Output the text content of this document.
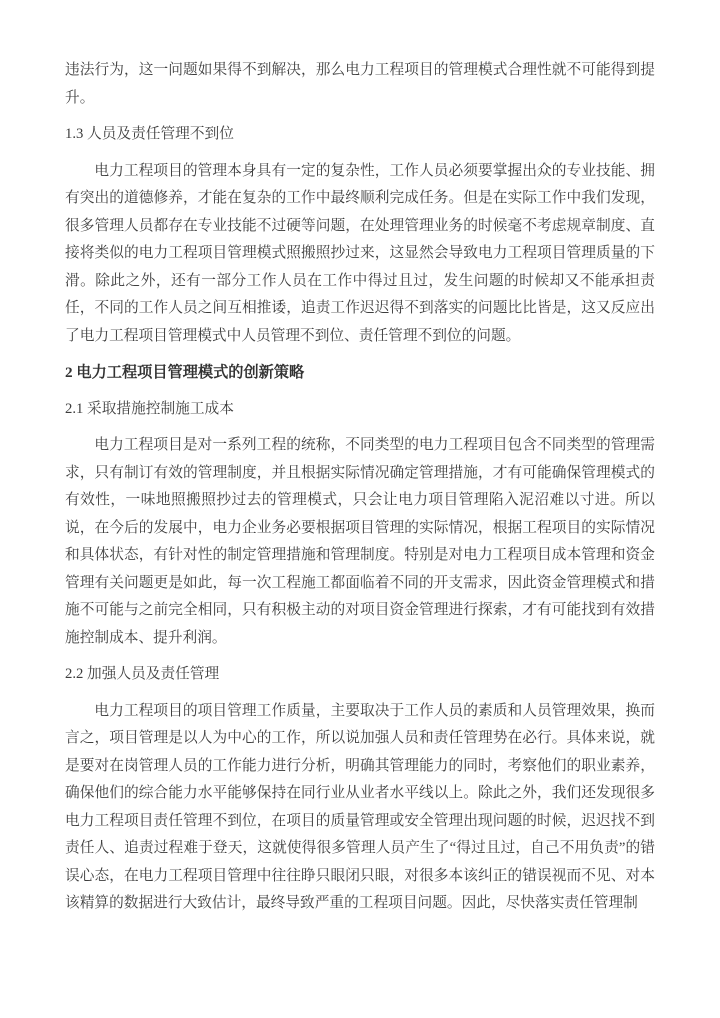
违法行为，这一问题如果得不到解决，那么电力工程项目的管理模式合理性就不可能得到提升。

1.3 人员及责任管理不到位

电力工程项目的管理本身具有一定的复杂性，工作人员必须要掌握出众的专业技能、拥有突出的道德修养，才能在复杂的工作中最终顺利完成任务。但是在实际工作中我们发现，很多管理人员都存在专业技能不过硬等问题，在处理管理业务的时候毫不考虑规章制度、直接将类似的电力工程项目管理模式照搬照抄过来，这显然会导致电力工程项目管理质量的下滑。除此之外，还有一部分工作人员在工作中得过且过，发生问题的时候却又不能承担责任，不同的工作人员之间互相推诿，追责工作迟迟得不到落实的问题比比皆是，这又反应出了电力工程项目管理模式中人员管理不到位、责任管理不到位的问题。

2 电力工程项目管理模式的创新策略
2.1 采取措施控制施工成本

电力工程项目是对一系列工程的统称，不同类型的电力工程项目包含不同类型的管理需求，只有制订有效的管理制度，并且根据实际情况确定管理措施，才有可能确保管理模式的有效性，一味地照搬照抄过去的管理模式，只会让电力项目管理陷入泥沼难以寸进。所以说，在今后的发展中，电力企业务必要根据项目管理的实际情况，根据工程项目的实际情况和具体状态，有针对性的制定管理措施和管理制度。特别是对电力工程项目成本管理和资金管理有关问题更是如此，每一次工程施工都面临着不同的开支需求，因此资金管理模式和措施不可能与之前完全相同，只有积极主动的对项目资金管理进行探索，才有可能找到有效措施控制成本、提升利润。

2.2 加强人员及责任管理

电力工程项目的项目管理工作质量，主要取决于工作人员的素质和人员管理效果，换而言之，项目管理是以人为中心的工作，所以说加强人员和责任管理势在必行。具体来说，就是要对在岗管理人员的工作能力进行分析，明确其管理能力的同时，考察他们的职业素养，确保他们的综合能力水平能够保持在同行业从业者水平线以上。除此之外，我们还发现很多电力工程项目责任管理不到位，在项目的质量管理或安全管理出现问题的时候，迟迟找不到责任人、追责过程难于登天，这就使得很多管理人员产生了“得过且过，自己不用负责”的错误心态，在电力工程项目管理中往往睁只眼闭只眼，对很多本该纠正的错误视而不见、对本该精算的数据进行大致估计，最终导致严重的工程项目问题。因此，尽快落实责任管理制
